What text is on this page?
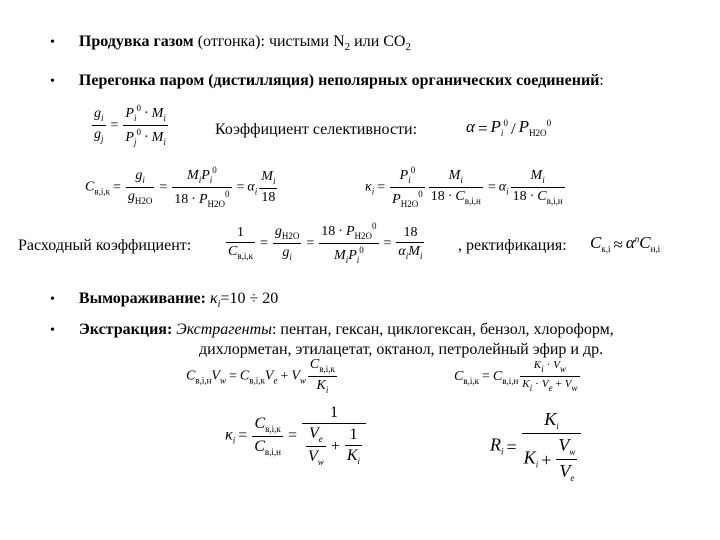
• Продувка газом (отгонка): чистыми $N_2$ или $CO_2$
• Перегонка паром (дистилляция) неполярных органических соединений:
$\frac{g_i}{g_j} = \frac{P_i^0 \cdot M_i}{P_j^0 \cdot M_i}$	Коэффициент селективности:	$\alpha = P_i^0 / P_{H2O}^0$
$C_{в,i,к} = \frac{g_i}{g_{H2O}} = \frac{M_iP_i^0}{18 \cdot P_{H2O}^0} = \alpha_i \frac{M_i}{18}$	$\kappa_i = \frac{P_i^0}{P_{H2O}^0} \frac{M_i}{18 \cdot C_{в,i,н}} = \alpha_i \frac{M_i}{18 \cdot C_{в,i,н}}$
Расходный коэффициент: $\frac{1}{C_{в,i,к}} = \frac{g_{H2O}}{g_i} = \frac{18 \cdot P_{H2O}^0}{M_iP_i^0} = \frac{18}{\alpha_iM_i}$ , ректификация: $C_{к,i} \approx \alpha^nC_{н,i}$
• Вымораживание: $\kappa_i=10 \div 20$
• Экстракция: Экстрагенты: пентан, гексан, циклогексан, бензол, хлороформ,
дихлорметан, этилацетат, октанол, петролейный эфир и др.
$C_{в,i,н}V_w = C_{в,i,к}V_e + V_w \frac{C_{в,i,к}}{K_i}$	$C_{в,i,к} = C_{в,i,н} \frac{K_i \cdot V_w}{K_i \cdot V_e + V_w}$
$\kappa_i = \frac{C_{в,i,к}}{C_{в,i,н}} = \frac{1}{\frac{V_e}{V_w} + \frac{1}{K_i}}$	$R_i = \frac{K_i}{K_i + \frac{V_w}{V_e}}$
